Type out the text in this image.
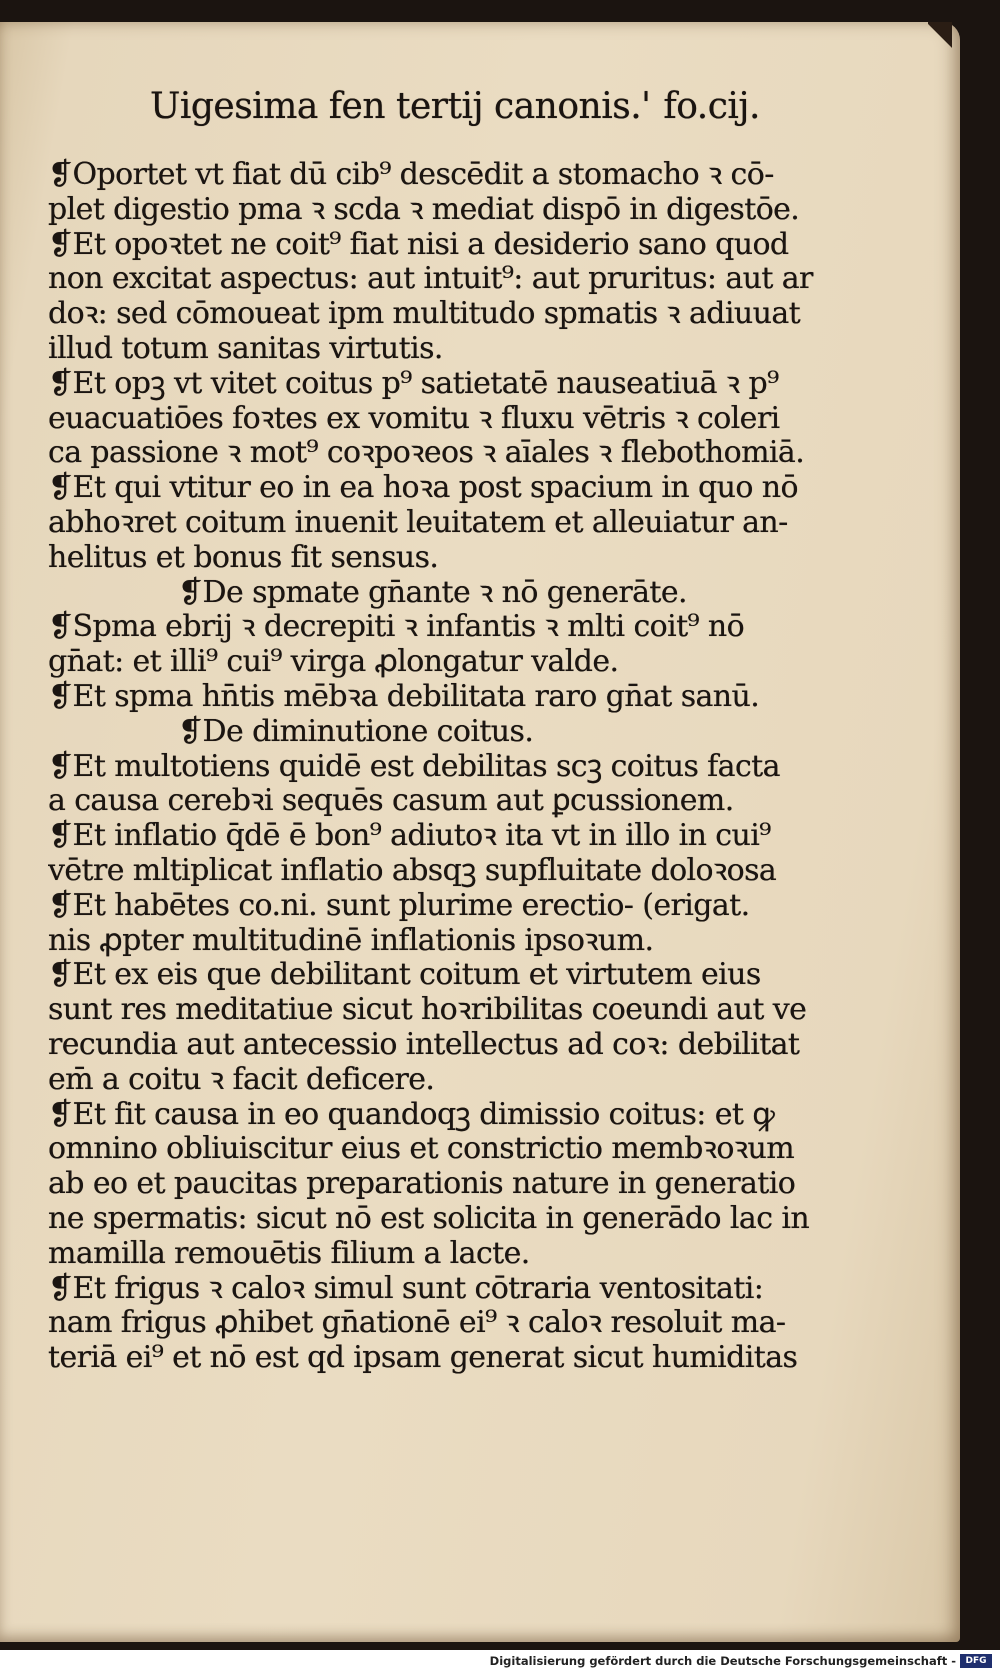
Uigesima fen tertij canonis.' fo.cij.
❡Oportet vt fiat dū cib⁹ descēdit a stomacho ꝛ cō-
plet̄ digestio pma ꝛ scda ꝛ mediat̄ dispō in digestōe.
❡Et opoꝛtet ne coit⁹ fiat nisi a desiderio sano quod
non excitat aspectus: aut intuit⁹: aut pruritus: aut ar
doꝛ: sed cōmoueat ipm multitudo spmatis ꝛ adiuuat
illud totum sanitas virtutis.
❡Et opꝫ vt vitet̄ coitus p⁹ satietatē nauseatiuā ꝛ p⁹
euacuatiōes foꝛtes ex vomitu ꝛ fluxu vētris ꝛ coleri
ca passione ꝛ mot⁹ coꝛpoꝛeos ꝛ aīales ꝛ flebothomiā.
❡Et qui vtitur eo in ea hoꝛa post spacium in quo nō
abhoꝛret coitum inuenit leuitatem et alleuiatur an-
helitus et bonus fit sensus.
❡De spmate gn̄ante ꝛ nō generāte.
❡Spma ebrij ꝛ decrepiti ꝛ infantis ꝛ mlti coit⁹ nō
gn̄at: et illi⁹ cui⁹ virga ꝓlongatur valde.
❡Et spma hn̄tis mēbꝛa debilitata raro gn̄at sanū.
❡De diminutione coitus.
❡Et multotiens quidē est debilitas scꝫ coitus facta
a causa cerebꝛi sequēs casum aut ꝑcussionem.
❡Et inflatio q̄dē ē bon⁹ adiutoꝛ ita vt in illo in cui⁹
vētre mltiplicat̄ inflatio absqꝫ supfluitate doloꝛosa
❡Et habētes co.ni. sunt plurime erectio- (erigat̄.
nis ꝓpter multitudinē inflationis ipsoꝛum.
❡Et ex eis que debilitant coitum et virtutem eius
sunt res meditatiue sicut hoꝛribilitas coeundi aut ve
recundia aut antecessio intellectus ad coꝛ: debilitat
em̄ a coitu ꝛ facit deficere.
❡Et fit causa in eo quandoqꝫ dimissio coitus: et ꝙ
omnino obliuiscitur eius et constrictio membꝛoꝛum
ab eo et paucitas preparationis nature in generatio
ne spermatis: sicut nō est solicita in generādo lac in
mamilla remouētis filium a lacte.
❡Et frigus ꝛ caloꝛ simul sunt cōtraria ventositati:
nam frigus ꝓhibet gn̄ationē ei⁹ ꝛ caloꝛ resoluit ma-
teriā ei⁹ et nō est qd ipsam generat sicut humiditas
Digitalisierung gefördert durch die Deutsche Forschungsgemeinschaft -	DFG
